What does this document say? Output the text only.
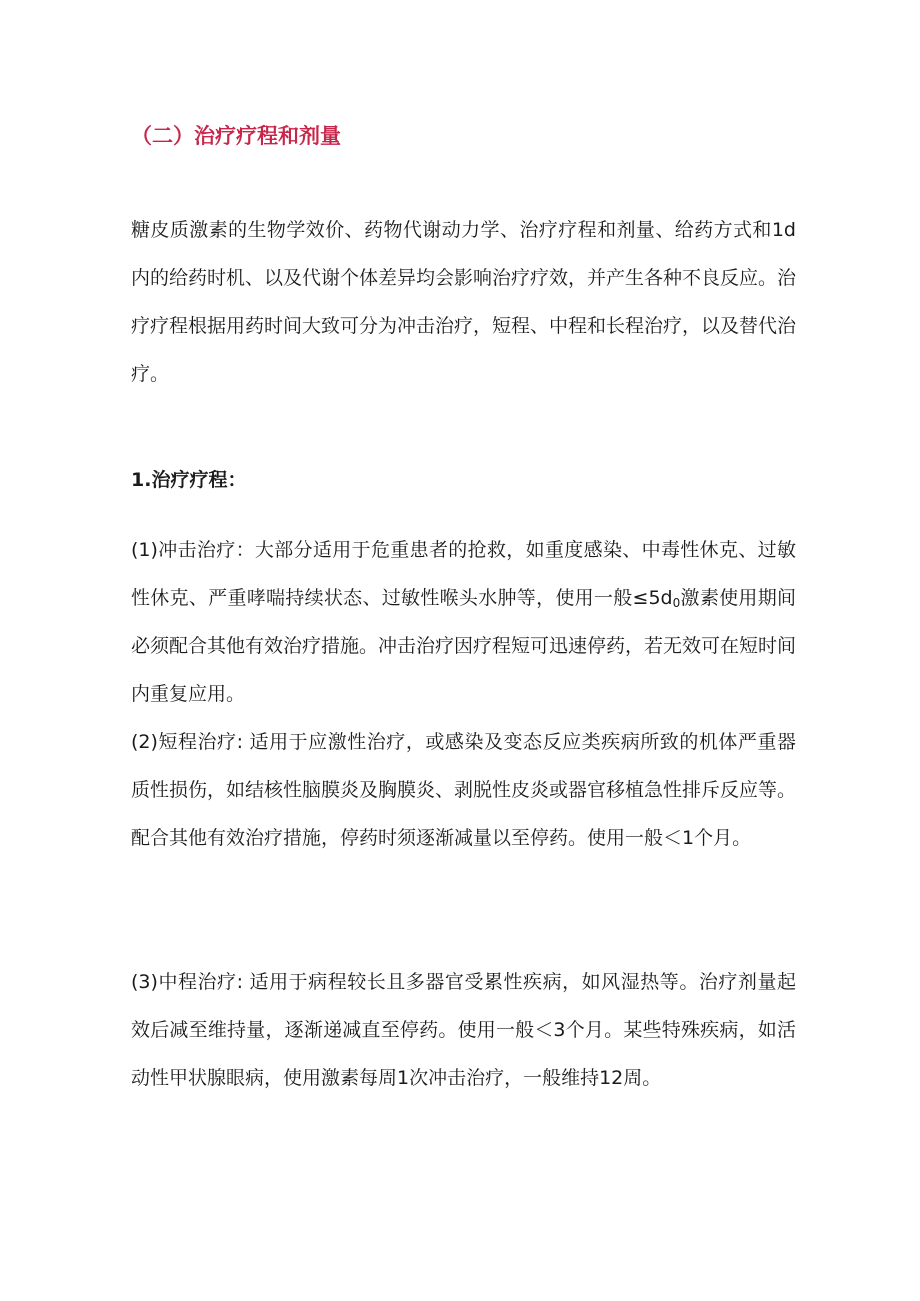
（二）治疗疗程和剂量

糖皮质激素的生物学效价、药物代谢动力学、治疗疗程和剂量、给药方式和1d内的给药时机、以及代谢个体差异均会影响治疗疗效，并产生各种不良反应。治疗疗程根据用药时间大致可分为冲击治疗，短程、中程和长程治疗，以及替代治疗。

1.治疗疗程：

(1)冲击治疗：大部分适用于危重患者的抢救，如重度感染、中毒性休克、过敏性休克、严重哮喘持续状态、过敏性喉头水肿等，使用一般$\le 5d_0$激素使用期间必须配合其他有效治疗措施。冲击治疗因疗程短可迅速停药，若无效可在短时间内重复应用。

(2)短程治疗: 适用于应激性治疗，或感染及变态反应类疾病所致的机体严重器质性损伤，如结核性脑膜炎及胸膜炎、剥脱性皮炎或器官移植急性排斥反应等。配合其他有效治疗措施，停药时须逐渐减量以至停药。使用一般＜1个月。

(3)中程治疗: 适用于病程较长且多器官受累性疾病，如风湿热等。治疗剂量起效后减至维持量，逐渐递减直至停药。使用一般＜3个月。某些特殊疾病，如活动性甲状腺眼病，使用激素每周1次冲击治疗，一般维持12周。
